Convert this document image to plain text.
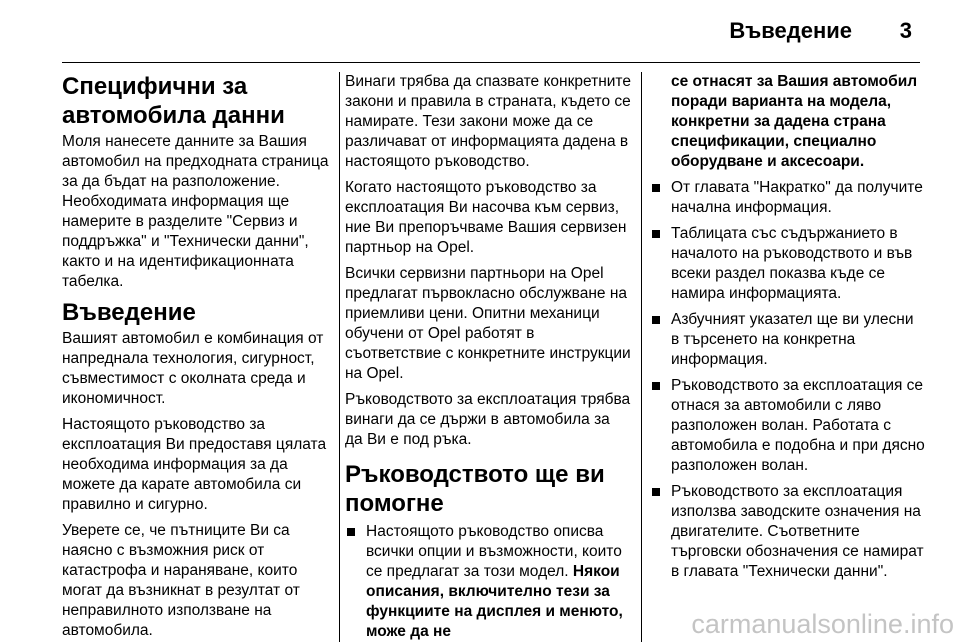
Въведение 3
Специфични за автомобила данни

Моля нанесете данните за Вашия автомобил на предходната страница за да бъдат на разположение. Необходимата информация ще намерите в разделите "Сервиз и поддръжка" и "Технически данни", както и на идентификационната табелка.

Въведение

Вашият автомобил е комбинация от напреднала технология, сигурност, съвместимост с околната среда и икономичност.

Настоящото ръководство за експлоатация Ви предоставя цялата необходима информация за да можете да карате автомобила си правилно и сигурно.

Уверете се, че пътниците Ви са наясно с възможния риск от катастрофа и нараняване, които могат да възникнат в резултат от неправилното използване на автомобила.

Винаги трябва да спазвате конкретните закони и правила в страната, където се намирате. Тези закони може да се различават от информацията дадена в настоящото ръководство.

Когато настоящото ръководство за експлоатация Ви насочва към сервиз, ние Ви препоръчваме Вашия сервизен партньор на Opel.

Всички сервизни партньори на Opel предлагат първокласно обслужване на приемливи цени. Опитни механици обучени от Opel работят в съответствие с конкретните инструкции на Opel.

Ръководството за експлоатация трябва винаги да се държи в автомобила за да Ви е под ръка.

Ръководството ще ви помогне
Настоящото ръководство описва всички опции и възможности, които се предлагат за този модел. Някои описания, включително тези за функциите на дисплея и менюто, може да не

се отнасят за Вашия автомобил поради варианта на модела, конкретни за дадена страна спецификации, специално оборудване и аксесоари.

От главата "Накратко" да получите начална информация.
Таблицата със съдържанието в началото на ръководството и във всеки раздел показва къде се намира информацията.
Азбучният указател ще ви улесни в търсенето на конкретна информация.
Ръководството за експлоатация се отнася за автомобили с ляво разположен волан. Работата с автомобила е подобна и при дясно разположен волан.
Ръководството за експлоатация използва заводските означения на двигателите. Съответните търговски обозначения се намират в главата "Технически данни".
carmanualsonline.info
